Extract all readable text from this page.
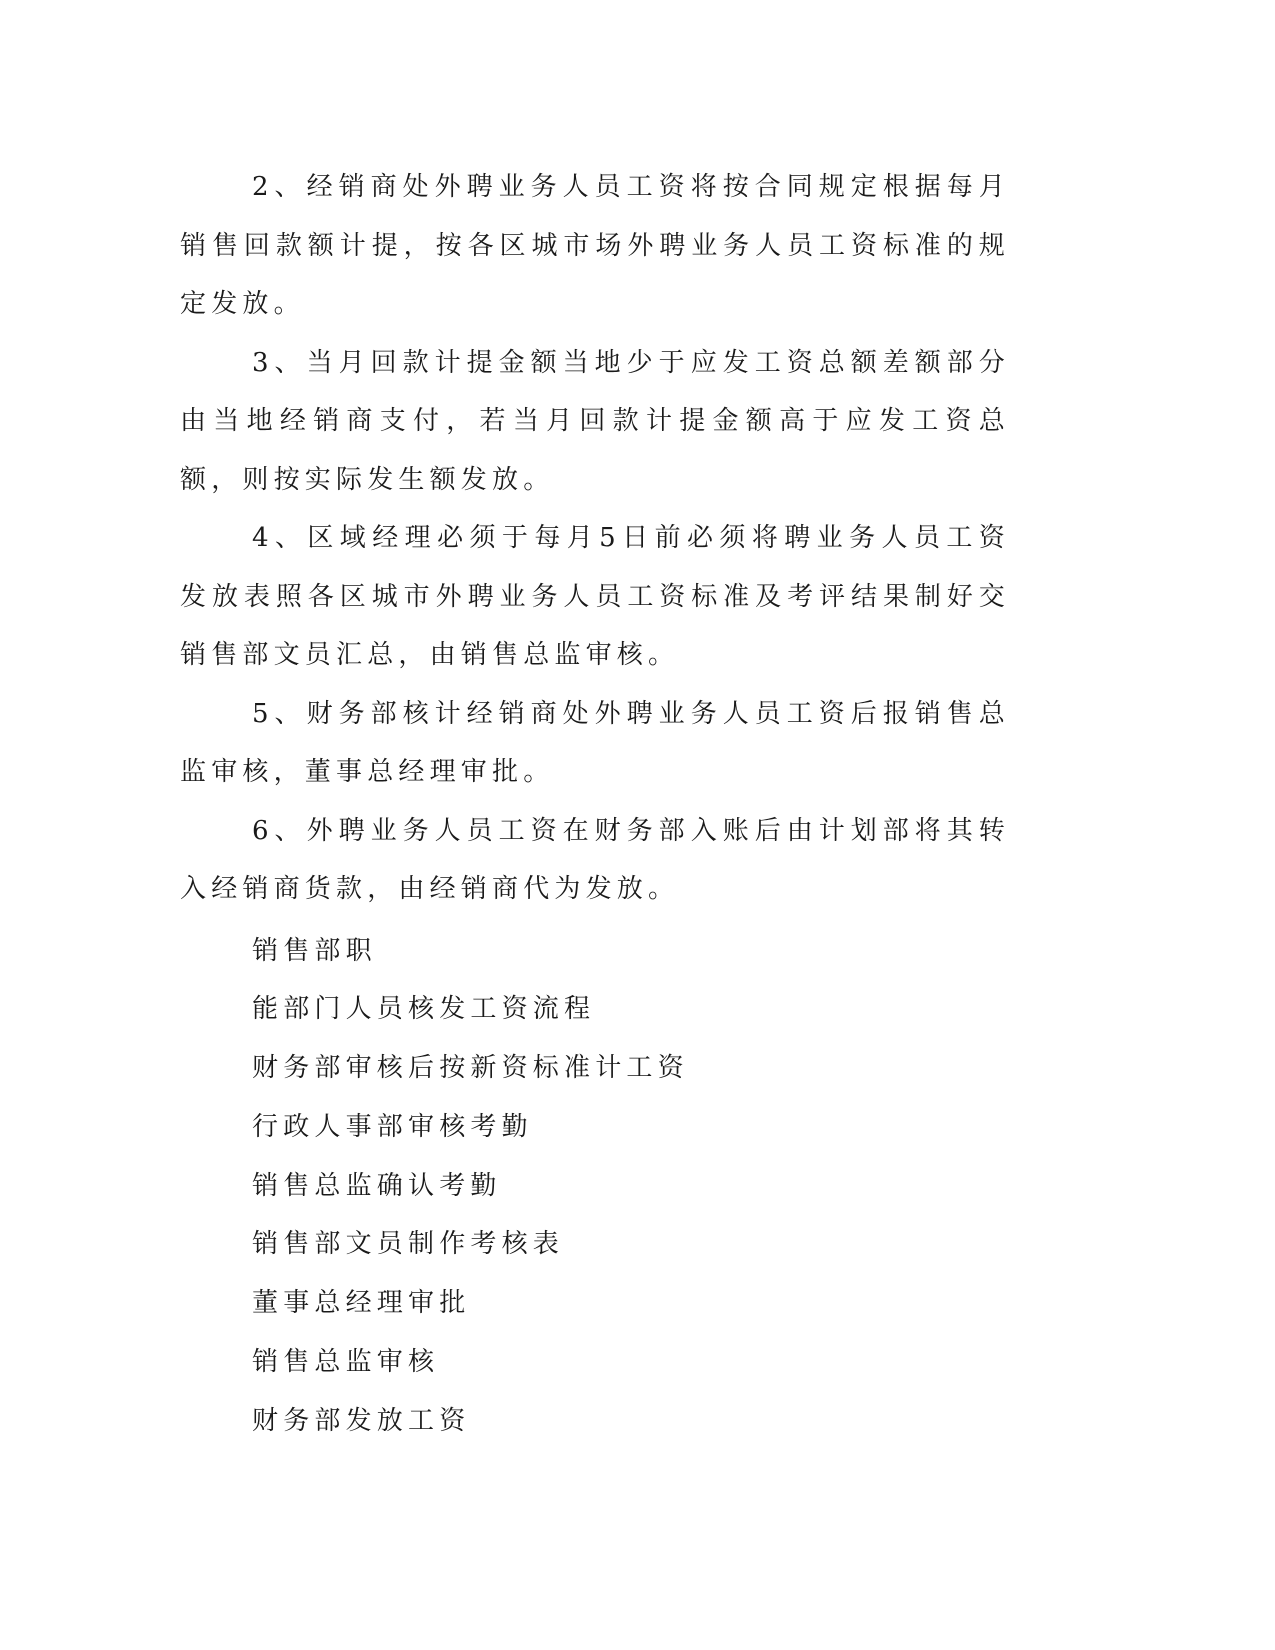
2、经销商处外聘业务人员工资将按合同规定根据每月销售回款额计提，按各区城市场外聘业务人员工资标准的规定发放。

3、当月回款计提金额当地少于应发工资总额差额部分由当地经销商支付，若当月回款计提金额高于应发工资总额，则按实际发生额发放。

4、区域经理必须于每月5日前必须将聘业务人员工资发放表照各区城市外聘业务人员工资标准及考评结果制好交销售部文员汇总，由销售总监审核。

5、财务部核计经销商处外聘业务人员工资后报销售总监审核，董事总经理审批。

6、外聘业务人员工资在财务部入账后由计划部将其转入经销商货款，由经销商代为发放。

销售部职

能部门人员核发工资流程

财务部审核后按新资标准计工资

行政人事部审核考勤

销售总监确认考勤

销售部文员制作考核表

董事总经理审批

销售总监审核

财务部发放工资
